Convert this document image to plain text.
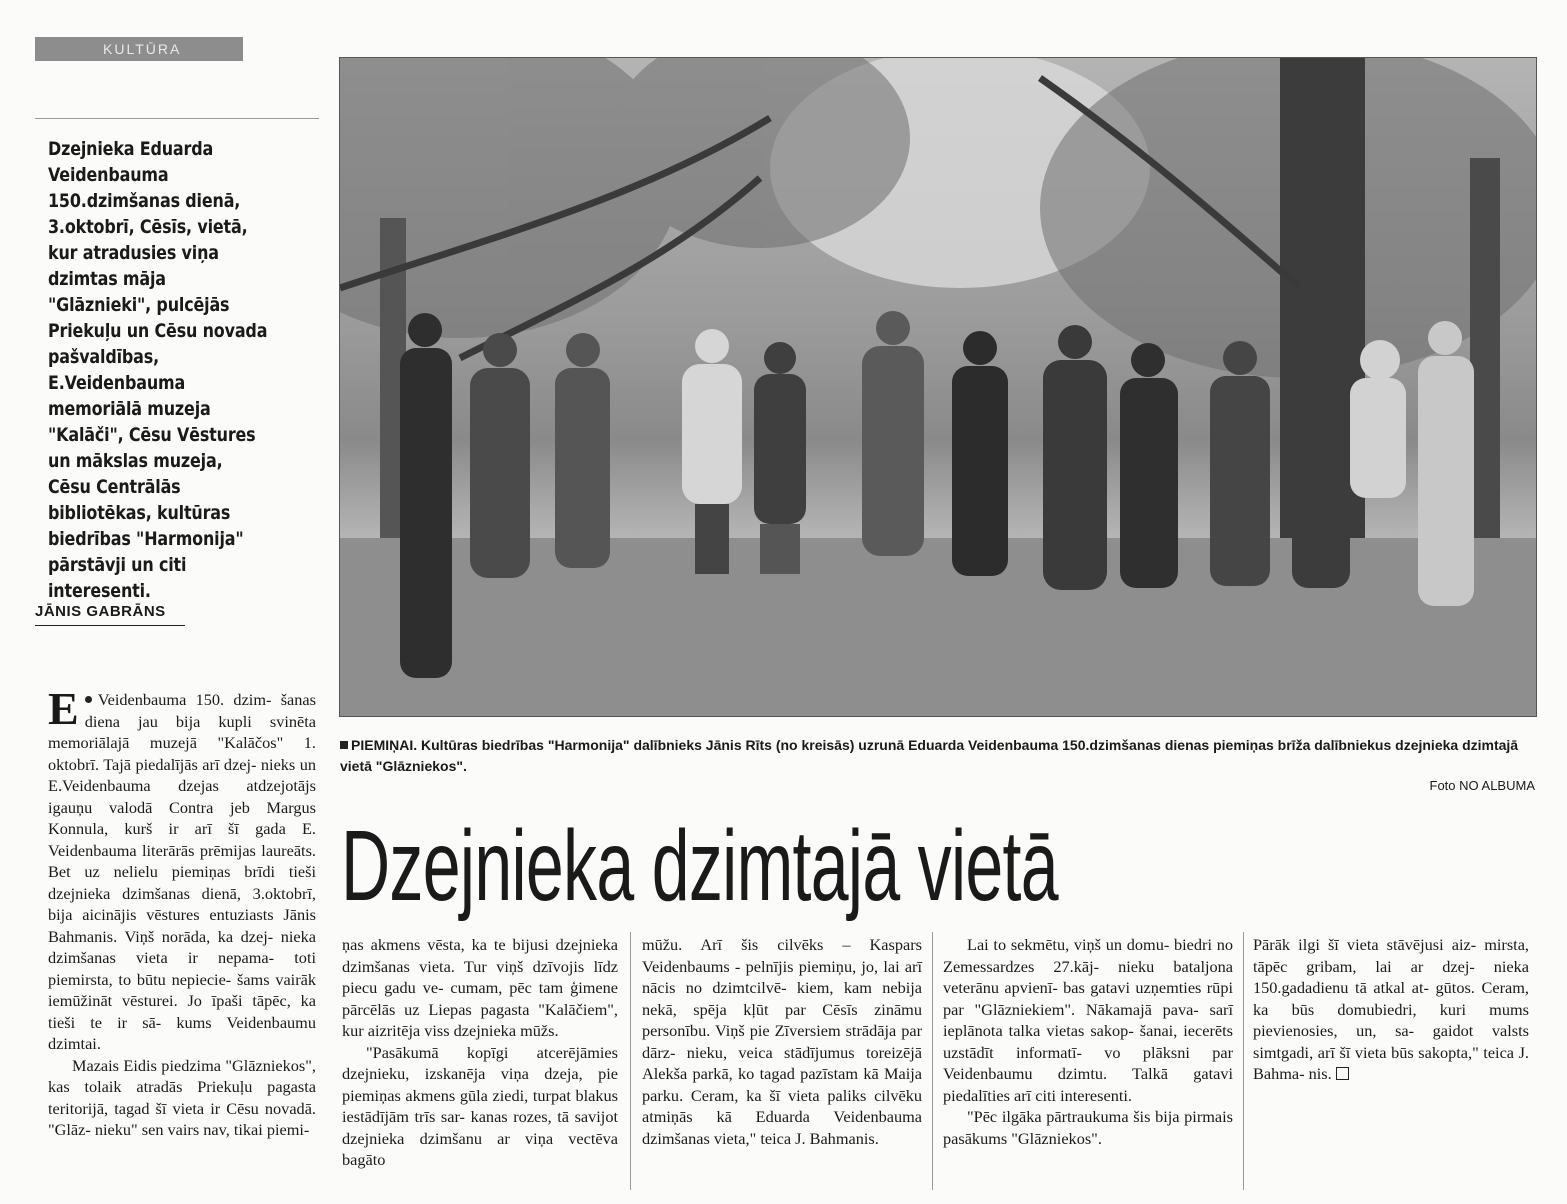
KULTŪRA

Dzejnieka Eduarda Veidenbauma 150.dzimšanas dienā, 3.oktobrī, Cēsīs, vietā, kur atradusies viņa dzimtas māja "Glāznieki", pulcējās Priekuļu un Cēsu novada pašvaldības, E.Veidenbauma memoriālā muzeja "Kalāči", Cēsu Vēstures un mākslas muzeja, Cēsu Centrālās bibliotēkas, kultūras biedrības "Harmonija" pārstāvji un citi interesenti.

JĀNIS GABRĀNS

PIEMIŅAI. Kultūras biedrības "Harmonija" dalībnieks Jānis Rīts (no kreisās) uzrunā Eduarda Veidenbauma 150.dzimšanas dienas piemiņas brīža dalībniekus dzejnieka dzimtajā vietā "Glāzniekos".

Foto NO ALBUMA
Dzejnieka dzimtajā vietā

E Veidenbauma 150. dzim- šanas diena jau bija kupli svinēta memoriālajā muzejā "Kalāčos" 1. oktobrī. Tajā piedalījās arī dzej- nieks un E.Veidenbauma dzejas atdzejotājs igauņu valodā Contra jeb Margus Konnula, kurš ir arī šī gada E. Veidenbauma literārās prēmijas laureāts. Bet uz nelielu piemiņas brīdi tieši dzejnieka dzimšanas dienā, 3.oktobrī, bija aicinājis vēstures entuziasts Jānis Bahmanis. Viņš norāda, ka dzej- nieka dzimšanas vieta ir nepama- toti piemirsta, to būtu nepiecie- šams vairāk iemūžināt vēsturei. Jo īpaši tāpēc, ka tieši te ir sā- kums Veidenbaumu dzimtai.

Mazais Eidis piedzima "Glāzniekos", kas tolaik atradās Priekuļu pagasta teritorijā, tagad šī vieta ir Cēsu novadā. "Glāz- nieku" sen vairs nav, tikai piemi-

ņas akmens vēsta, ka te bijusi dzejnieka dzimšanas vieta. Tur viņš dzīvojis līdz piecu gadu ve- cumam, pēc tam ģimene pārcēlās uz Liepas pagasta "Kalāčiem", kur aizritēja viss dzejnieka mūžs.

"Pasākumā kopīgi atcerējāmies dzejnieku, izskanēja viņa dzeja, pie piemiņas akmens gūla ziedi, turpat blakus iestādījām trīs sar- kanas rozes, tā savijot dzejnieka dzimšanu ar viņa vectēva bagāto

mūžu. Arī šis cilvēks – Kaspars Veidenbaums - pelnījis piemiņu, jo, lai arī nācis no dzimtcilvē- kiem, kam nebija nekā, spēja kļūt par Cēsīs zināmu personību. Viņš pie Zīversiem strādāja par dārz- nieku, veica stādījumus toreizējā Alekša parkā, ko tagad pazīstam kā Maija parku. Ceram, ka šī vieta paliks cilvēku atmiņās kā Eduarda Veidenbauma dzimšanas vieta," teica J. Bahmanis.

Lai to sekmētu, viņš un domu- biedri no Zemessardzes 27.kāj- nieku bataljona veterānu apvienī- bas gatavi uzņemties rūpi par "Glāzniekiem". Nākamajā pava- sarī ieplānota talka vietas sakop- šanai, iecerēts uzstādīt informatī- vo plāksni par Veidenbaumu dzimtu. Talkā gatavi piedalīties arī citi interesenti.

"Pēc ilgāka pārtraukuma šis bija pirmais pasākums "Glāzniekos".

Pārāk ilgi šī vieta stāvējusi aiz- mirsta, tāpēc gribam, lai ar dzej- nieka 150.gadadienu tā atkal at- gūtos. Ceram, ka būs domubiedri, kuri mums pievienosies, un, sa- gaidot valsts simtgadi, arī šī vieta būs sakopta," teica J. Bahma- nis.
